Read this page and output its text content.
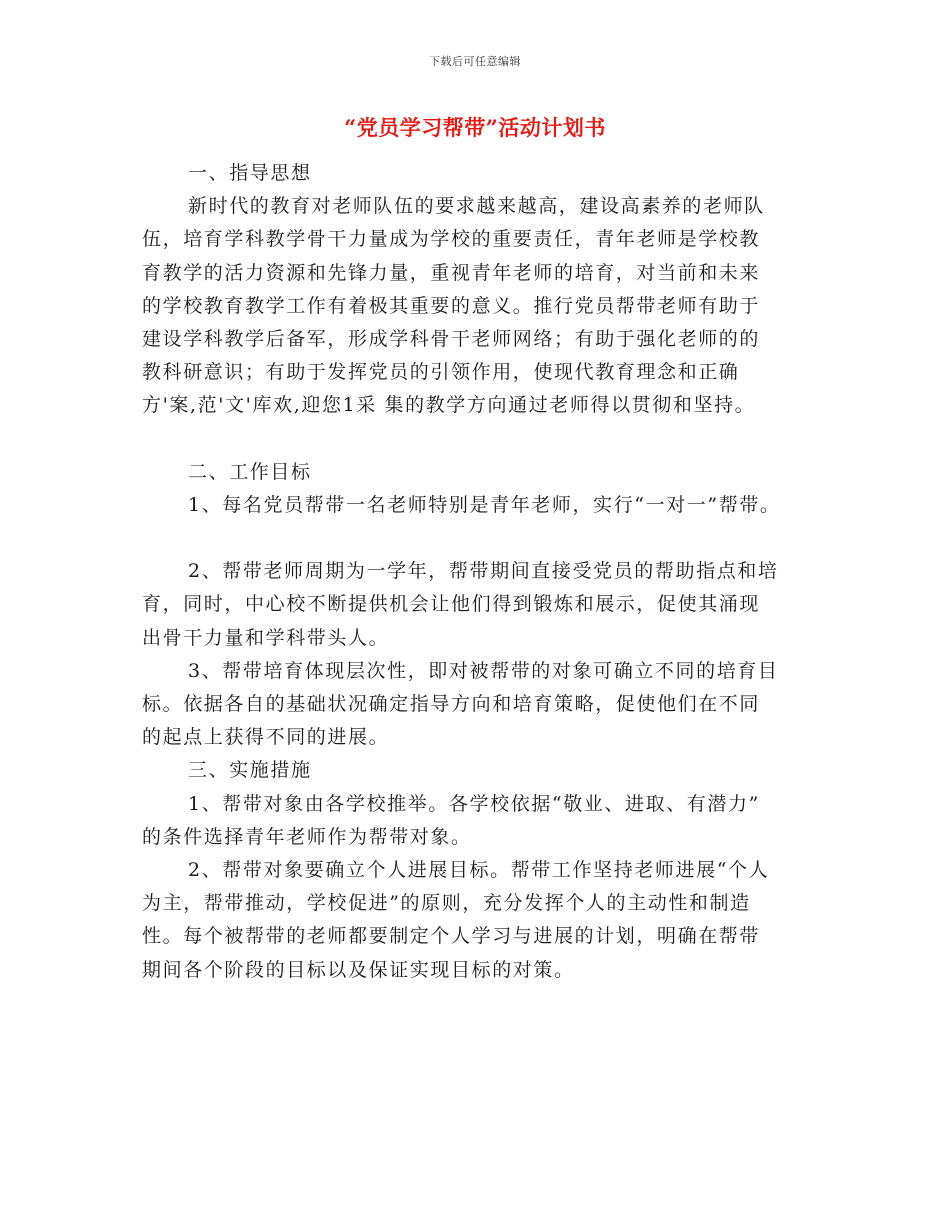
下载后可任意编辑
“党员学习帮带”活动计划书
一、指导思想
新时代的教育对老师队伍的要求越来越高，建设高素养的老师队
伍，培育学科教学骨干力量成为学校的重要责任，青年老师是学校教
育教学的活力资源和先锋力量，重视青年老师的培育，对当前和未来
的学校教育教学工作有着极其重要的意义。推行党员帮带老师有助于
建设学科教学后备军，形成学科骨干老师网络；有助于强化老师的的
教科研意识；有助于发挥党员的引领作用，使现代教育理念和正确
方'案,范'文'库欢,迎您1采 集的教学方向通过老师得以贯彻和坚持。
二、工作目标
1、每名党员帮带一名老师特别是青年老师，实行“一对一”帮带。
2、帮带老师周期为一学年，帮带期间直接受党员的帮助指点和培
育，同时，中心校不断提供机会让他们得到锻炼和展示，促使其涌现
出骨干力量和学科带头人。
3、帮带培育体现层次性，即对被帮带的对象可确立不同的培育目
标。依据各自的基础状况确定指导方向和培育策略，促使他们在不同
的起点上获得不同的进展。
三、实施措施
1、帮带对象由各学校推举。各学校依据“敬业、进取、有潜力”
的条件选择青年老师作为帮带对象。
2、帮带对象要确立个人进展目标。帮带工作坚持老师进展“个人
为主，帮带推动，学校促进”的原则，充分发挥个人的主动性和制造
性。每个被帮带的老师都要制定个人学习与进展的计划，明确在帮带
期间各个阶段的目标以及保证实现目标的对策。
